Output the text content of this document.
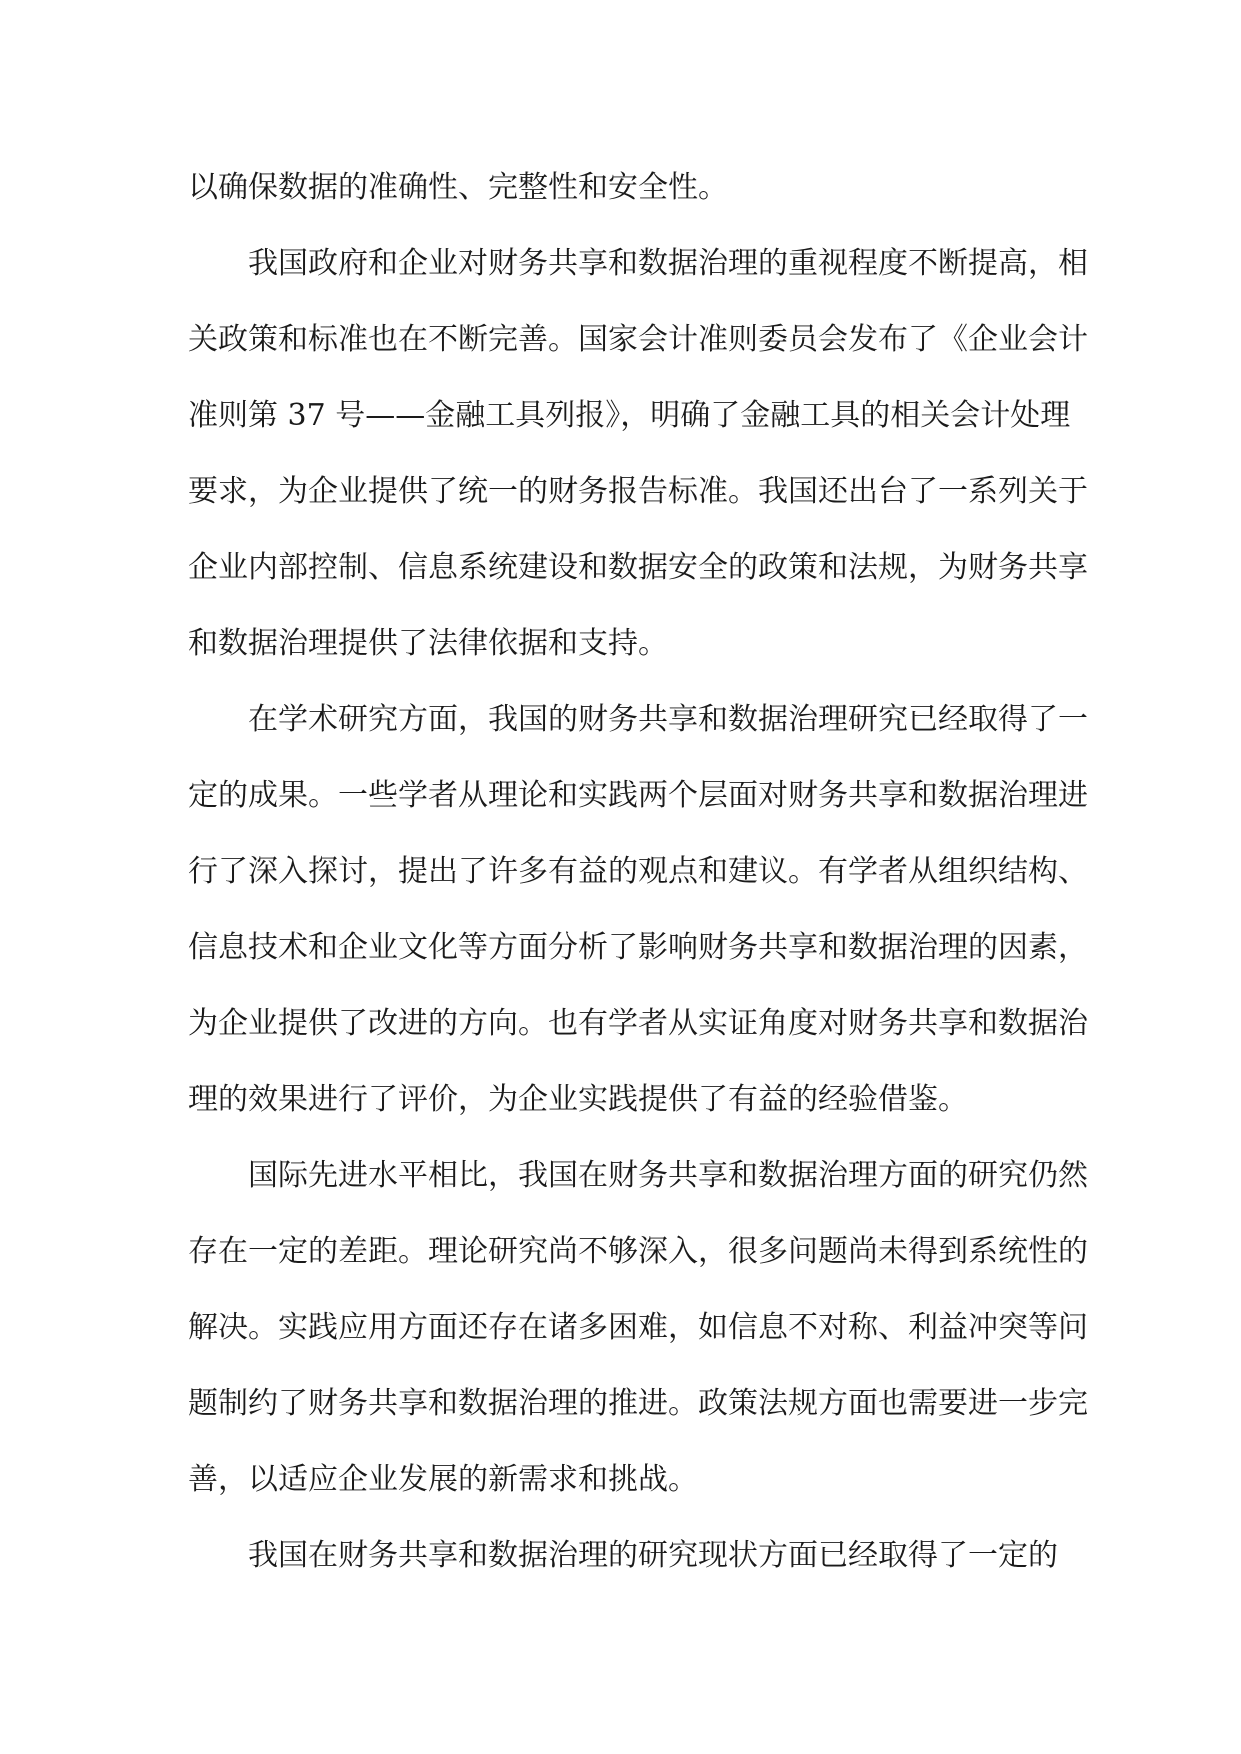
以确保数据的准确性、完整性和安全性。
我国政府和企业对财务共享和数据治理的重视程度不断提高，相
关政策和标准也在不断完善。国家会计准则委员会发布了《企业会计
准则第 37 号——金融工具列报》，明确了金融工具的相关会计处理
要求，为企业提供了统一的财务报告标准。我国还出台了一系列关于
企业内部控制、信息系统建设和数据安全的政策和法规，为财务共享
和数据治理提供了法律依据和支持。
在学术研究方面，我国的财务共享和数据治理研究已经取得了一
定的成果。一些学者从理论和实践两个层面对财务共享和数据治理进
行了深入探讨，提出了许多有益的观点和建议。有学者从组织结构、
信息技术和企业文化等方面分析了影响财务共享和数据治理的因素，
为企业提供了改进的方向。也有学者从实证角度对财务共享和数据治
理的效果进行了评价，为企业实践提供了有益的经验借鉴。
国际先进水平相比，我国在财务共享和数据治理方面的研究仍然
存在一定的差距。理论研究尚不够深入，很多问题尚未得到系统性的
解决。实践应用方面还存在诸多困难，如信息不对称、利益冲突等问
题制约了财务共享和数据治理的推进。政策法规方面也需要进一步完
善，以适应企业发展的新需求和挑战。
我国在财务共享和数据治理的研究现状方面已经取得了一定的
